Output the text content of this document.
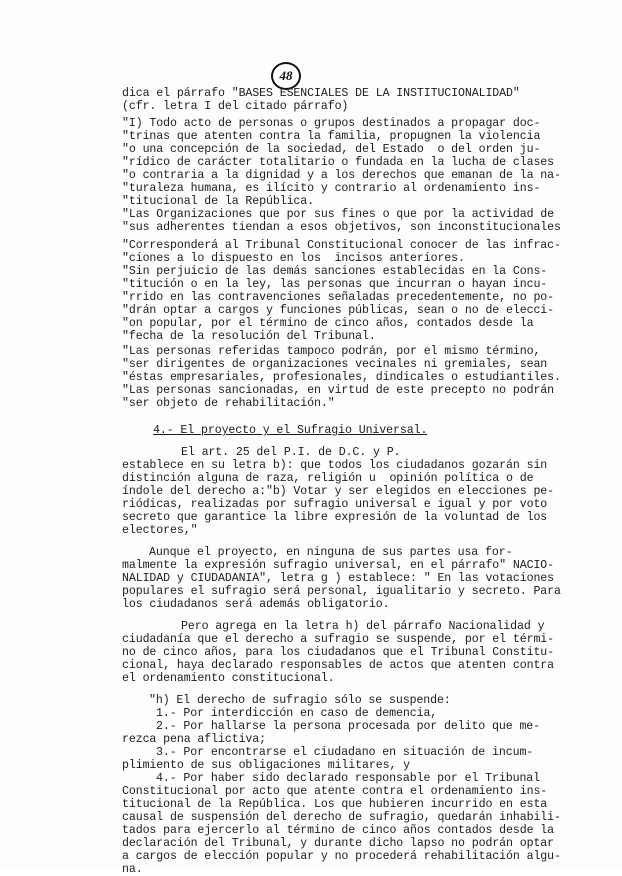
48
dica el párrafo "BASES ESENCIALES DE LA INSTITUCIONALIDAD"
(cfr. letra I del citado párrafo)
"I) Todo acto de personas o grupos destinados a propagar doc-
"trinas que atenten contra la familia, propugnen la violencia
"o una concepción de la sociedad, del Estado  o del orden ju-
"rídico de carácter totalitario o fundada en la lucha de clases
"o contraria a la dignidad y a los derechos que emanan de la na-
"turaleza humana, es ilícito y contrario al ordenamiento ins-
"titucional de la República.
"Las Organizaciones que por sus fines o que por la actividad de
"sus adherentes tiendan a esos objetivos, son inconstitucionales
"Corresponderá al Tribunal Constitucional conocer de las infrac-
"ciones a lo dispuesto en los  incisos anteriores.
"Sin perjuicio de las demás sanciones establecidas en la Cons-
"titución o en la ley, las personas que incurran o hayan incu-
"rrido en las contravenciones señaladas precedentemente, no po-
"drán optar a cargos y funciones públicas, sean o no de elecci-
"on popular, por el término de cinco años, contados desde la
"fecha de la resolución del Tribunal.
"Las personas referidas tampoco podrán, por el mismo término,
"ser dirigentes de organizaciones vecinales ni gremiales, sean
"éstas empresariales, profesionales, dindicales o estudiantiles.
"Las personas sancionadas, en virtud de este precepto no podrán
"ser objeto de rehabilitación."
4.- El proyecto y el Sufragio Universal.
El art. 25 del P.I. de D.C. y P.
establece en su letra b): que todos los ciudadanos gozarán sin
distinción alguna de raza, religión u  opinión política o de
índole del derecho a:"b) Votar y ser elegidos en elecciones pe-
riódicas, realizadas por sufragio universal e igual y por voto
secreto que garantice la libre expresión de la voluntad de los
electores,"
Aunque el proyecto, en ninguna de sus partes usa for-
malmente la expresión sufragio universal, en el párrafo" NACIO-
NALIDAD y CIUDADANIA", letra g ) establece: " En las votaciones
populares el sufragio será personal, igualitario y secreto. Para
los ciudadanos será además obligatorio.
Pero agrega en la letra h) del párrafo Nacionalidad y
ciudadanía que el derecho a sufragio se suspende, por el térmi-
no de cinco años, para los ciudadanos que el Tribunal Constitu-
cional, haya declarado responsables de actos que atenten contra
el ordenamiento constitucional.
"h) El derecho de sufragio sólo se suspende:
1.- Por interdicción en caso de demencia,
2.- Por hallarse la persona procesada por delito que me-
rezca pena aflictiva;
3.- Por encontrarse el ciudadano en situación de incum-
plimiento de sus obligaciones militares, y
4.- Por haber sido declarado responsable por el Tribunal
Constitucional por acto que atente contra el ordenamiento ins-
titucional de la República. Los que hubieren incurrido en esta
causal de suspensión del derecho de sufragio, quedarán inhabili-
tados para ejercerlo al término de cinco años contados desde la
declaración del Tribunal, y durante dicho lapso no podrán optar
a cargos de elección popular y no procederá rehabilitación algu-
na.
